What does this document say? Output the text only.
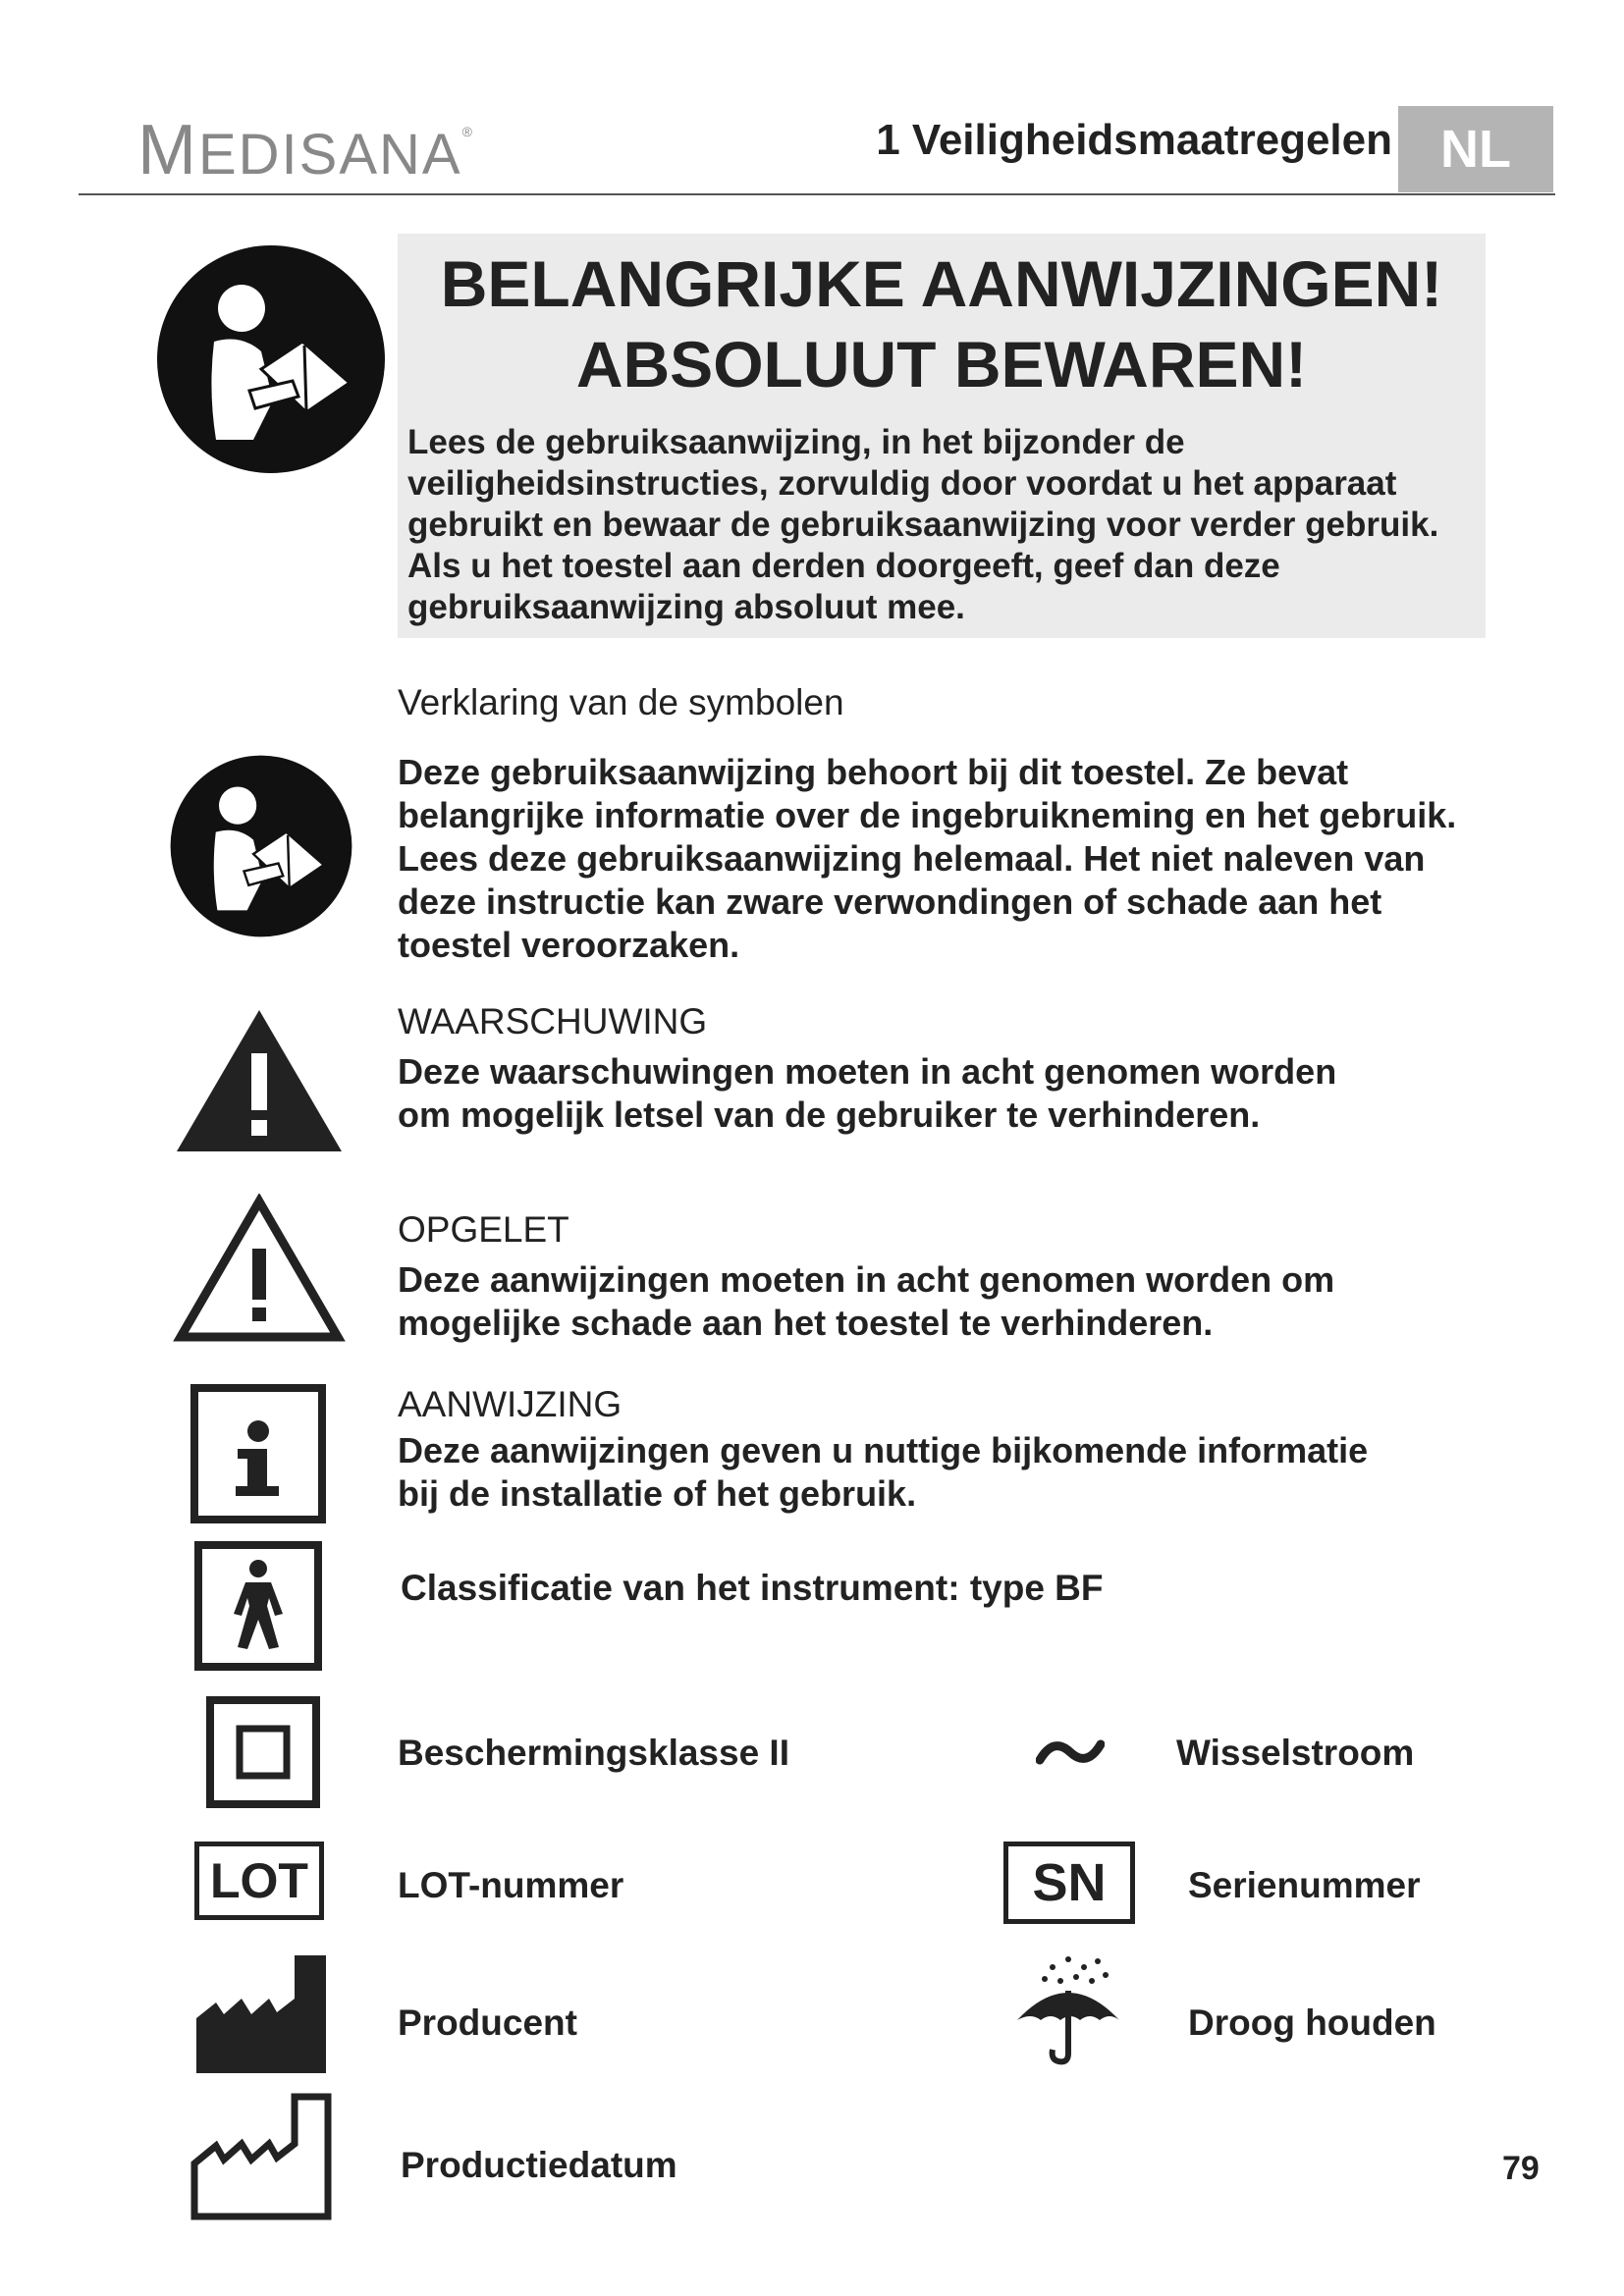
MEDISANA®	1 Veiligheidsmaatregelen NL
BELANGRIJKE AANWIJZINGEN!
ABSOLUUT BEWAREN!
Lees de gebruiksaanwijzing, in het bijzonder de veiligheidsinstructies, zorvuldig door voordat u het apparaat gebruikt en bewaar de gebruiksaanwijzing voor verder gebruik. Als u het toestel aan derden doorgeeft, geef dan deze gebruiksaanwijzing absoluut mee.
Verklaring van de symbolen
Deze gebruiksaanwijzing behoort bij dit toestel. Ze bevat belangrijke informatie over de ingebruikneming en het gebruik. Lees deze gebruiksaanwijzing helemaal. Het niet naleven van deze instructie kan zware verwondingen of schade aan het toestel veroorzaken.
WAARSCHUWING
Deze waarschuwingen moeten in acht genomen worden om mogelijk letsel van de gebruiker te verhinderen.
OPGELET
Deze aanwijzingen moeten in acht genomen worden om mogelijke schade aan het toestel te verhinderen.
AANWIJZING
Deze aanwijzingen geven u nuttige bijkomende informatie bij de installatie of het gebruik.
Classificatie van het instrument: type BF
Beschermingsklasse II	Wisselstroom
LOT	LOT-nummer	SN	Serienummer
Producent	Droog houden
Productiedatum	79
